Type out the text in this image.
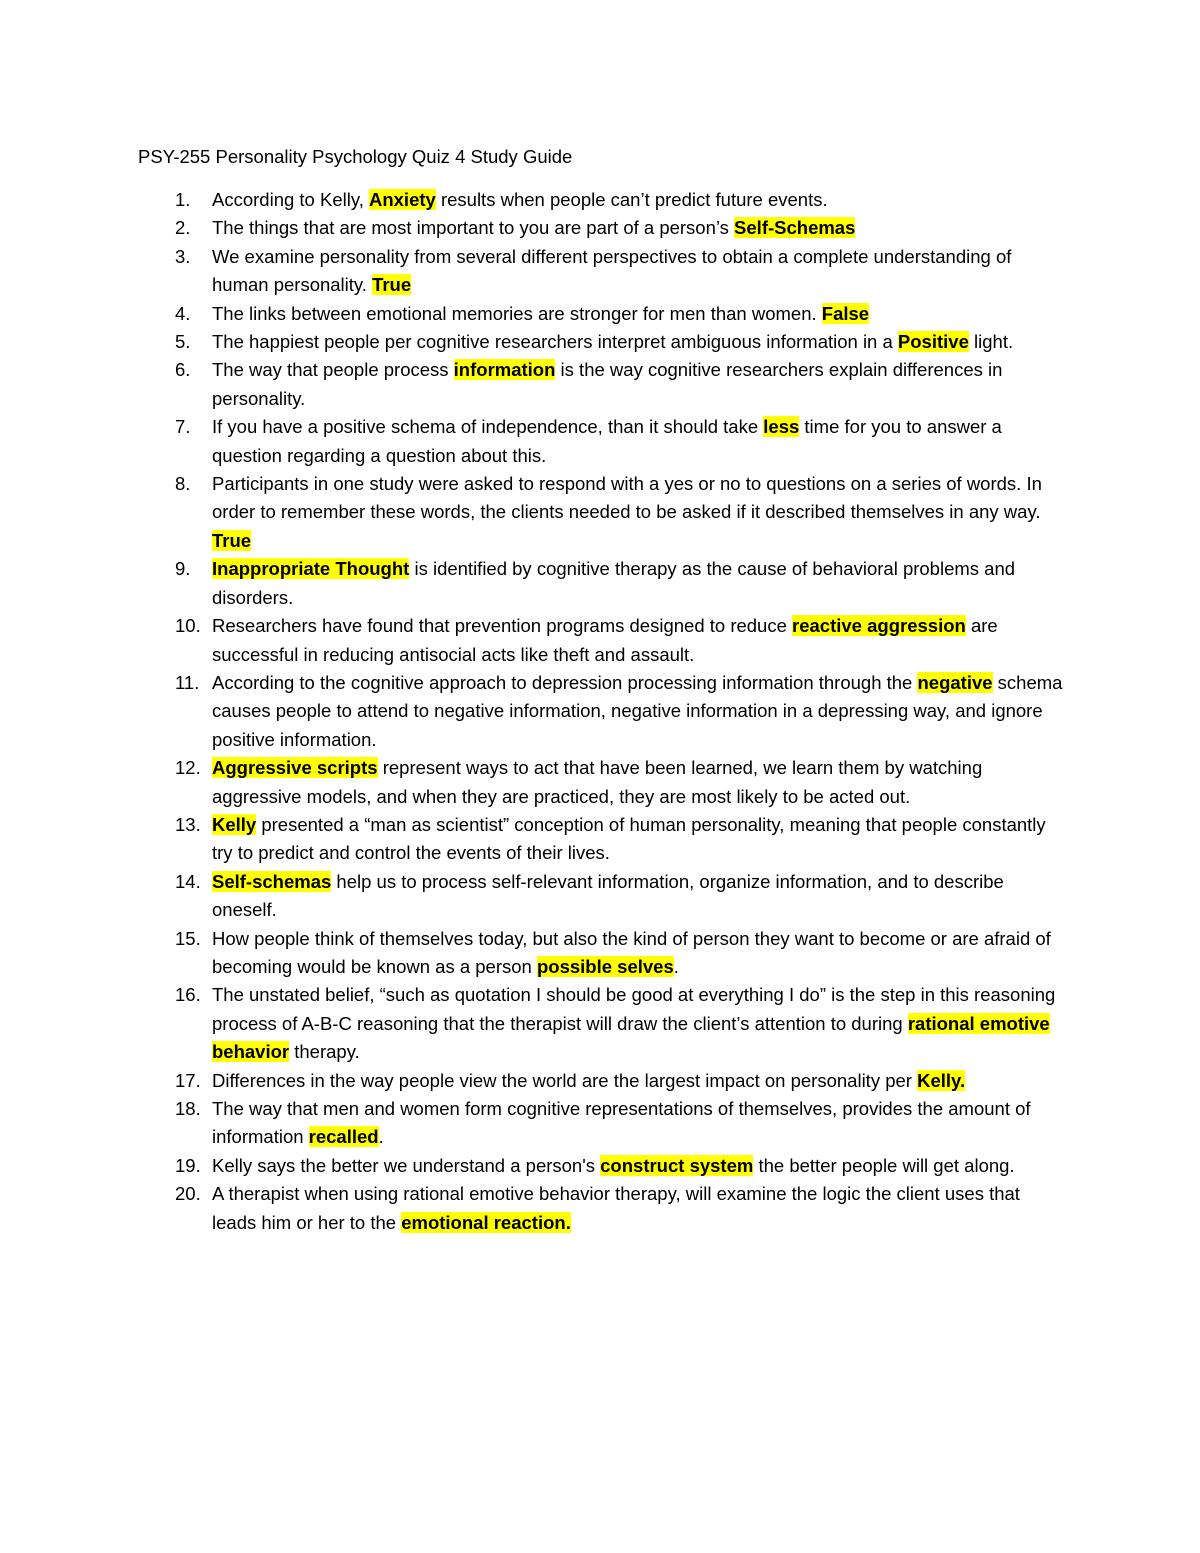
PSY-255 Personality Psychology Quiz 4 Study Guide
1. According to Kelly, Anxiety results when people can’t predict future events.
2. The things that are most important to you are part of a person’s Self-Schemas
3. We examine personality from several different perspectives to obtain a complete understanding of human personality. True
4. The links between emotional memories are stronger for men than women. False
5. The happiest people per cognitive researchers interpret ambiguous information in a Positive light.
6. The way that people process information is the way cognitive researchers explain differences in personality.
7. If you have a positive schema of independence, than it should take less time for you to answer a question regarding a question about this.
8. Participants in one study were asked to respond with a yes or no to questions on a series of words. In order to remember these words, the clients needed to be asked if it described themselves in any way. True
9. Inappropriate Thought is identified by cognitive therapy as the cause of behavioral problems and disorders.
10. Researchers have found that prevention programs designed to reduce reactive aggression are successful in reducing antisocial acts like theft and assault.
11. According to the cognitive approach to depression processing information through the negative schema causes people to attend to negative information, negative information in a depressing way, and ignore positive information.
12. Aggressive scripts represent ways to act that have been learned, we learn them by watching aggressive models, and when they are practiced, they are most likely to be acted out.
13. Kelly presented a “man as scientist” conception of human personality, meaning that people constantly try to predict and control the events of their lives.
14. Self-schemas help us to process self-relevant information, organize information, and to describe oneself.
15. How people think of themselves today, but also the kind of person they want to become or are afraid of becoming would be known as a person possible selves.
16. The unstated belief, “such as quotation I should be good at everything I do” is the step in this reasoning process of A-B-C reasoning that the therapist will draw the client’s attention to during rational emotive behavior therapy.
17. Differences in the way people view the world are the largest impact on personality per Kelly.
18. The way that men and women form cognitive representations of themselves, provides the amount of information recalled.
19. Kelly says the better we understand a person's construct system the better people will get along.
20. A therapist when using rational emotive behavior therapy, will examine the logic the client uses that leads him or her to the emotional reaction.
